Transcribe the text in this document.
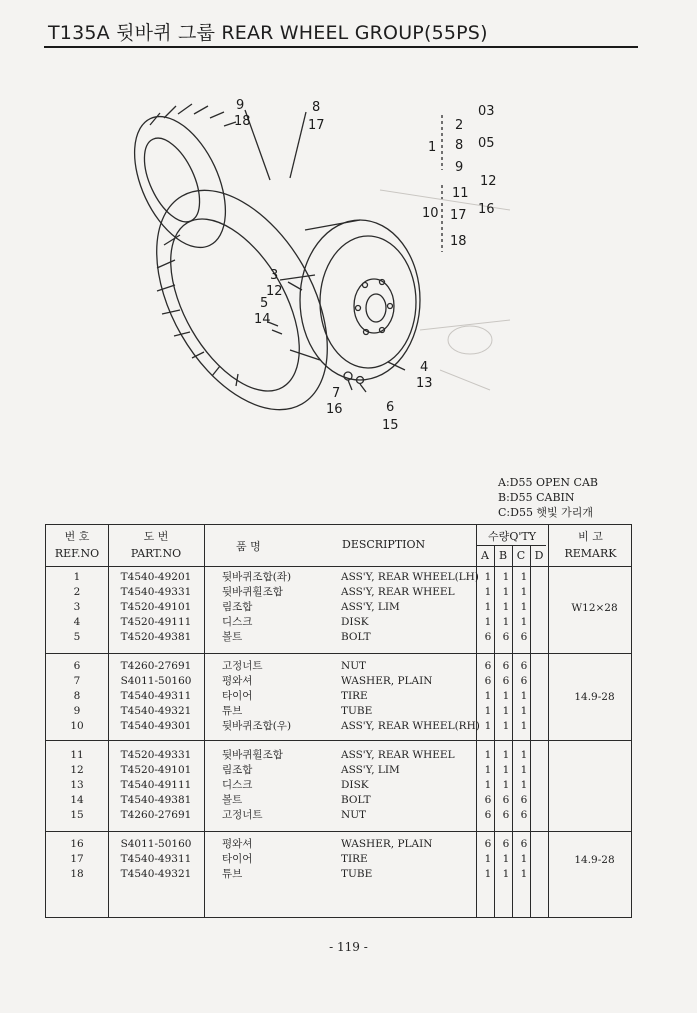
T135A 뒷바퀴 그룹 REAR WHEEL GROUP(55PS)
9
18
8
17	2
1 8
9
03
05
11
10 17
18
12
16
3
12
5
14
4
13
7
16	6
15
A:D55 OPEN CAB
B:D55 CABIN
C:D55 햇빛 가리개
번 호
REF.NO
도 번
PART.NO
품 명	DESCRIPTION
수량Q'TY
A B C D
비 고
REMARK
1	T4540-49201	뒷바퀴조합(좌)	ASS'Y, REAR WHEEL(LH) 1 1 1
2	T4540-49331	뒷바퀴휠조합	ASS'Y, REAR WHEEL	1 1 1
3	T4520-49101	림조합	ASS'Y, LIM	1 1 1
4	T4520-49111	디스크	DISK	1 1 1
5	T4520-49381	볼트	BOLT	6 6 6
W12×28
6	T4260-27691	고정너트	NUT	6 6 6
7	S4011-50160	평와셔	WASHER, PLAIN	6 6 6
8	T4540-49311	타이어	TIRE	1 1 1
9	T4540-49321	튜브	TUBE	1 1 1
10	T4540-49301	뒷바퀴조합(우)	ASS'Y, REAR WHEEL(RH) 1 1 1
14.9-28
11	T4520-49331	뒷바퀴휠조합	ASS'Y, REAR WHEEL	1 1 1
12	T4520-49101	림조합	ASS'Y, LIM	1 1 1
13	T4540-49111	디스크	DISK	1 1 1
14	T4540-49381	볼트	BOLT	6 6 6
15	T4260-27691	고정너트	NUT	6 6 6
16	S4011-50160	평와셔	WASHER, PLAIN	6 6 6
17	T4540-49311	타이어	TIRE	1 1 1
18	T4540-49321	튜브	TUBE	1 1 1
14.9-28
- 119 -
